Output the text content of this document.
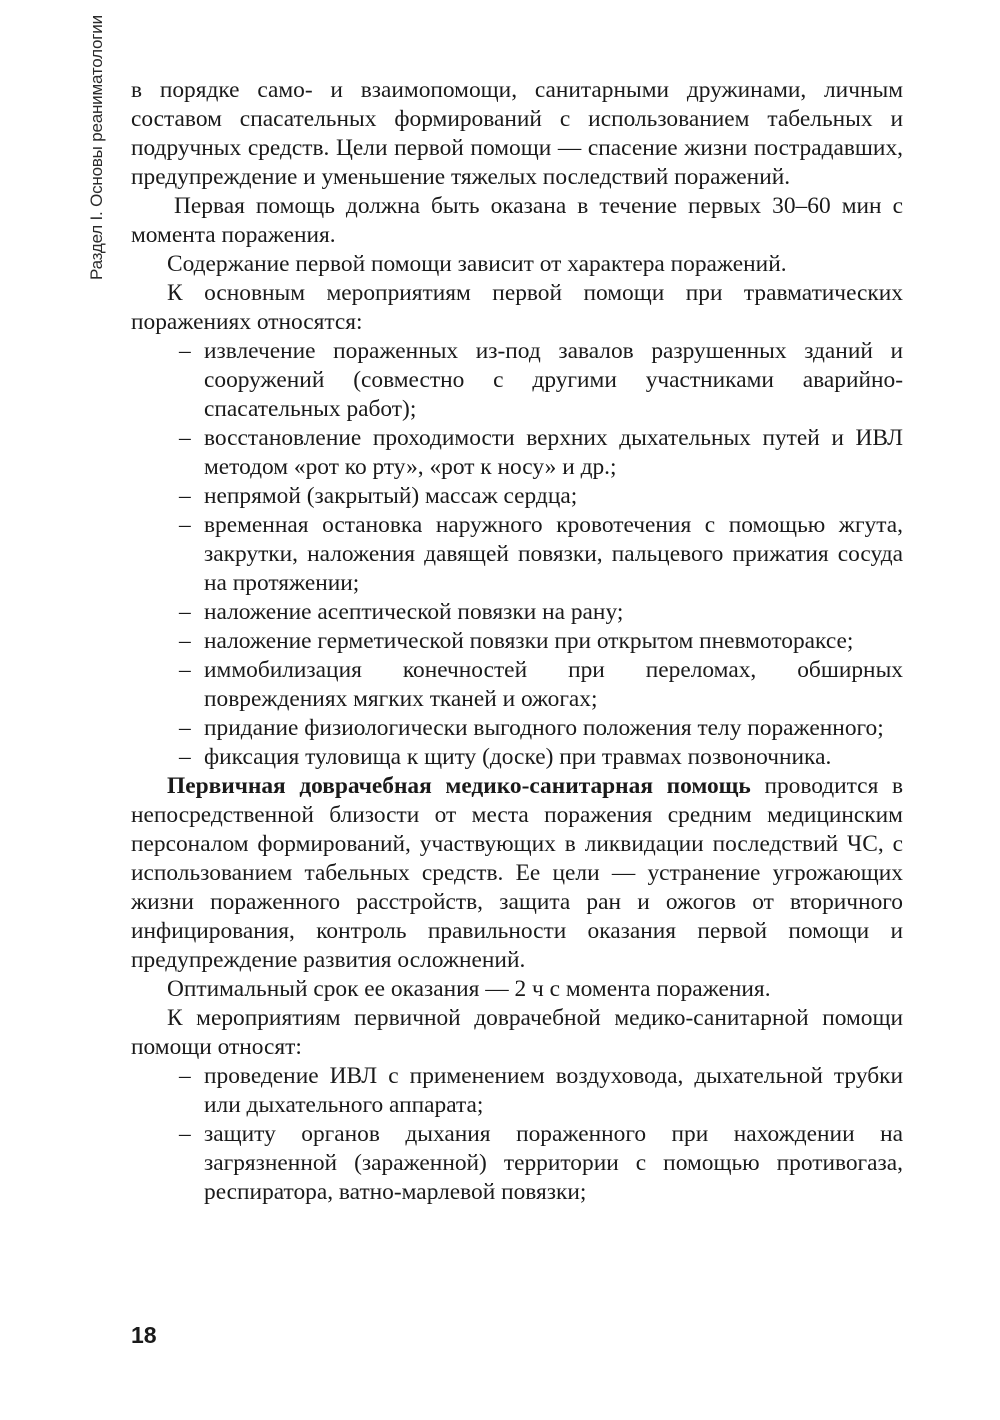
Раздел I. Основы реаниматологии в порядке само- и взаимопомощи, санитарными дружинами, личным составом спасательных формирований с использованием табельных и подручных средств. Цели первой помощи — спасение жизни пострадавших, предупреждение и уменьшение тяжелых последствий поражений.

Первая помощь должна быть оказана в течение первых 30–60 мин с момента поражения.

Содержание первой помощи зависит от характера поражений.

К основным мероприятиям первой помощи при травматических поражениях относятся:

– извлечение пораженных из-под завалов разрушенных зданий и сооружений (совместно с другими участниками аварийно-спасательных работ);
– восстановление проходимости верхних дыхательных путей и ИВЛ методом «рот ко рту», «рот к носу» и др.;
– непрямой (закрытый) массаж сердца;
– временная остановка наружного кровотечения с помощью жгута, закрутки, наложения давящей повязки, пальцевого прижатия сосуда на протяжении;
– наложение асептической повязки на рану;
– наложение герметической повязки при открытом пневмотораксе;
– иммобилизация конечностей при переломах, обширных повреждениях мягких тканей и ожогах;
– придание физиологически выгодного положения телу пораженного;
– фиксация туловища к щиту (доске) при травмах позвоночника.

Первичная доврачебная медико-санитарная помощь проводится в непосредственной близости от места поражения средним медицинским персоналом формирований, участвующих в ликвидации последствий ЧС, с использованием табельных средств. Ее цели — устранение угрожающих жизни пораженного расстройств, защита ран и ожогов от вторичного инфицирования, контроль правильности оказания первой помощи и предупреждение развития осложнений.

Оптимальный срок ее оказания — 2 ч с момента поражения.

К мероприятиям первичной доврачебной медико-санитарной помощи помощи относят:

– проведение ИВЛ с применением воздуховода, дыхательной трубки или дыхательного аппарата;
– защиту органов дыхания пораженного при нахождении на загрязненной (зараженной) территории с помощью противогаза, респиратора, ватно-марлевой повязки;
18
